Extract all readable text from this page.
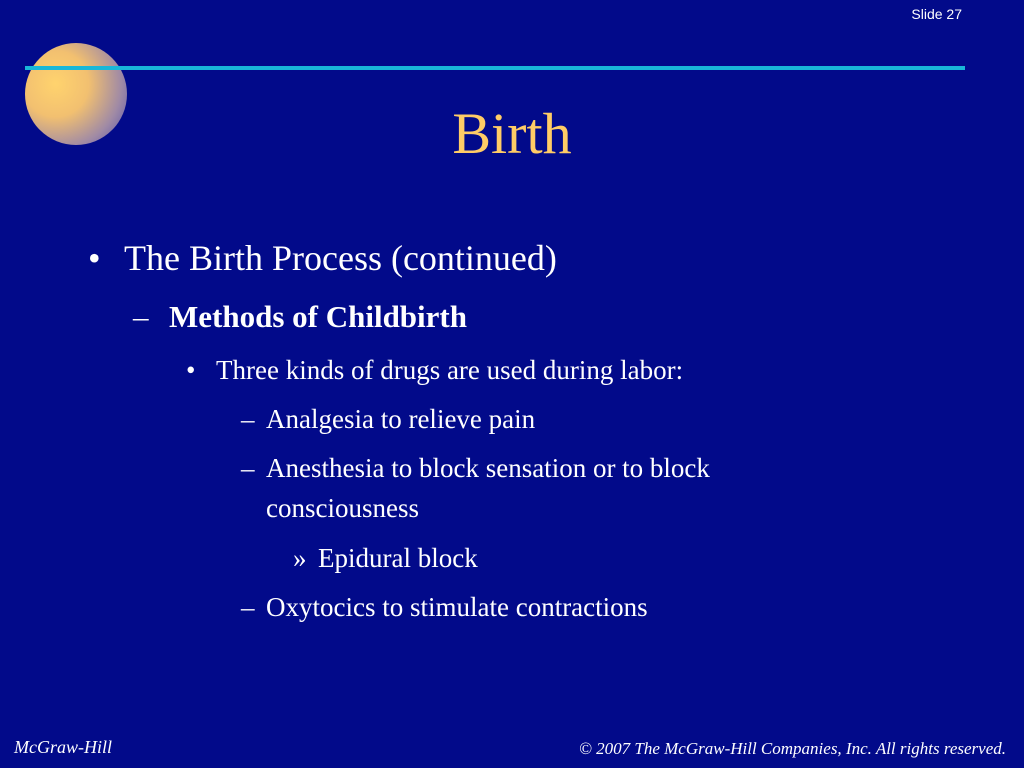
Slide 27
Birth
• The Birth Process (continued)
– Methods of Childbirth
• Three kinds of drugs are used during labor:
– Analgesia to relieve pain
– Anesthesia to block sensation or to block
consciousness
» Epidural block
– Oxytocics to stimulate contractions
McGraw-Hill	© 2007 The McGraw-Hill Companies, Inc. All rights reserved.
